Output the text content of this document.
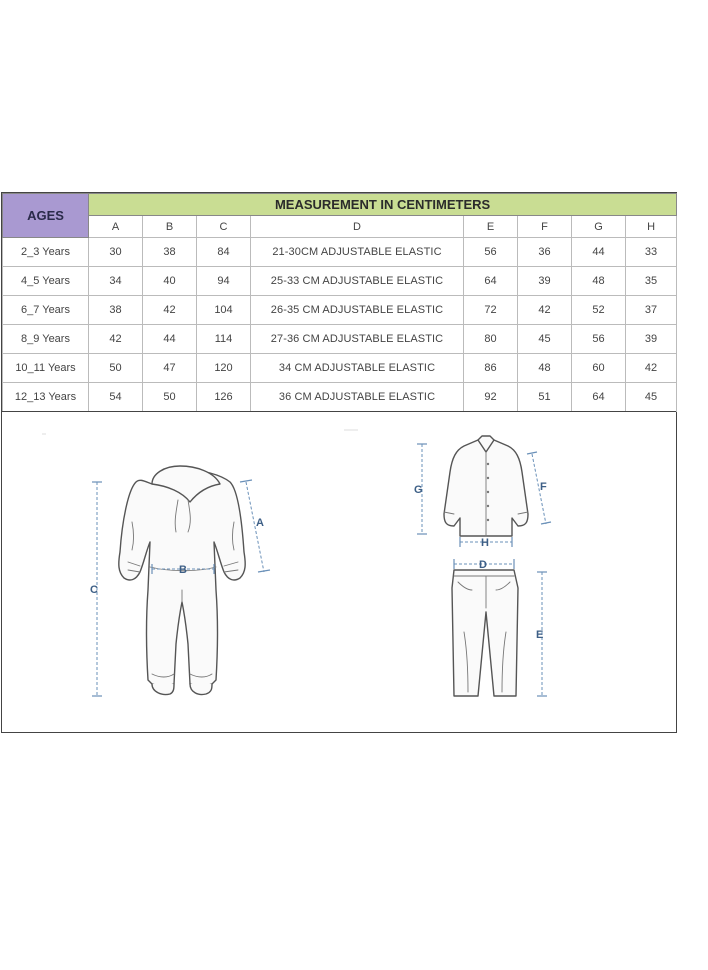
AGES	MEASUREMENT IN CENTIMETERS							
	A	B	C	D	E	F	G	H
2_3 Years	30	38	84	21-30CM ADJUSTABLE ELASTIC	56	36	44	33
4_5 Years	34	40	94	25-33 CM ADJUSTABLE ELASTIC	64	39	48	35
6_7 Years	38	42	104	26-35 CM ADJUSTABLE ELASTIC	72	42	52	37
8_9 Years	42	44	114	27-36 CM ADJUSTABLE ELASTIC	80	45	56	39
10_11 Years	50	47	120	34 CM ADJUSTABLE ELASTIC	86	48	60	42
12_13 Years	54	50	126	36 CM ADJUSTABLE ELASTIC	92	51	64	45
A
B
C
G	F
H
D
E
